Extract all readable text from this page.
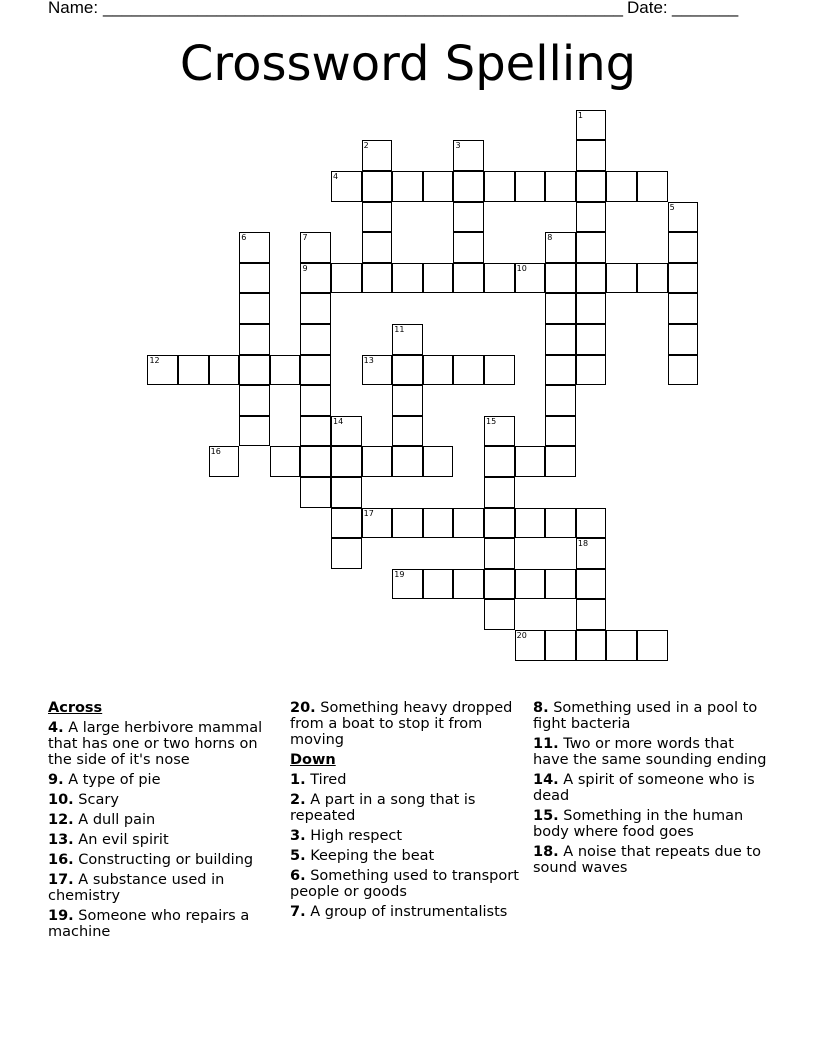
Name: _______________________________________________________ Date: _______
Crossword Spelling
1
2	3
4
5
6	7	8
9	10
11
12	13
14	15
16
17
18
19
20
Across
4. A large herbivore mammal that has one or two horns on the side of it's nose
9. A type of pie
10. Scary
12. A dull pain
13. An evil spirit
16. Constructing or building
17. A substance used in chemistry
19. Someone who repairs a machine
20. Something heavy dropped from a boat to stop it from moving
Down
1. Tired
2. A part in a song that is repeated
3. High respect
5. Keeping the beat
6. Something used to transport people or goods
7. A group of instrumentalists
8. Something used in a pool to fight bacteria
11. Two or more words that have the same sounding ending
14. A spirit of someone who is dead
15. Something in the human body where food goes
18. A noise that repeats due to sound waves
